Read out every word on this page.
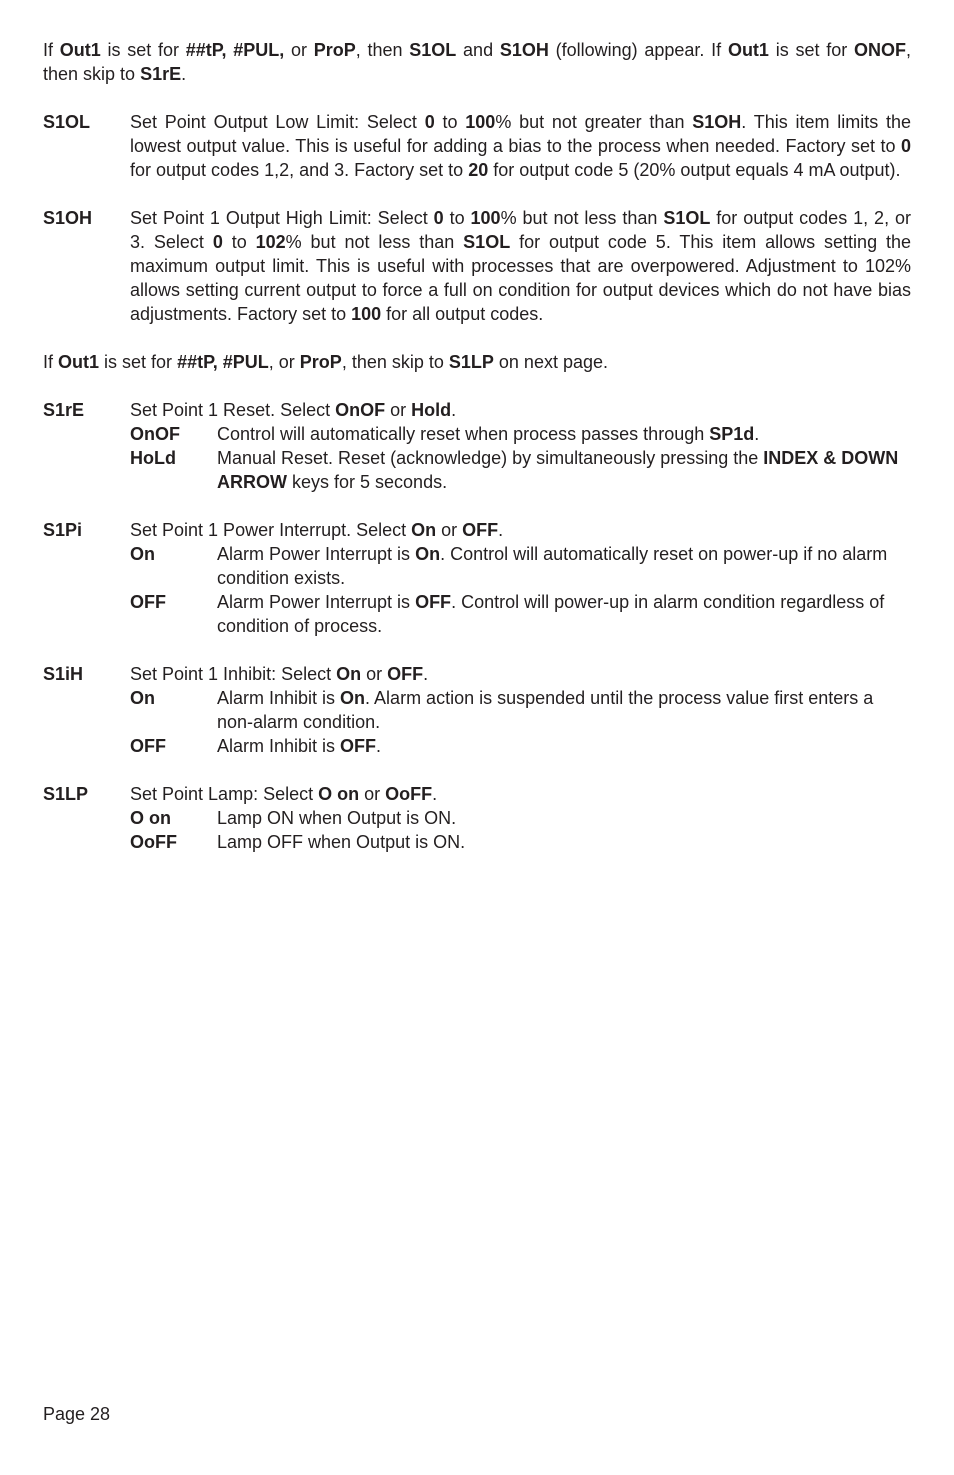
If Out1 is set for ##tP, #PUL, or ProP, then S1OL and S1OH (following) appear. If Out1 is set for ONOF, then skip to S1rE.

S1OL	Set Point Output Low Limit: Select 0 to 100% but not greater than S1OH. This item limits the lowest output value. This is useful for adding a bias to the process when needed. Factory set to 0 for output codes 1,2, and 3. Factory set to 20 for output code 5 (20% output equals 4 mA output).

S1OH	Set Point 1 Output High Limit: Select 0 to 100% but not less than S1OL for output codes 1, 2, or 3. Select 0 to 102% but not less than S1OL for output code 5. This item allows setting the maximum output limit. This is useful with processes that are overpowered. Adjustment to 102% allows setting current output to force a full on condition for output devices which do not have bias adjustments. Factory set to 100 for all output codes.

If Out1 is set for ##tP, #PUL, or ProP, then skip to S1LP on next page.

S1rE	Set Point 1 Reset. Select OnOF or Hold.

OnOF	Control will automatically reset when process passes through SP1d.
HoLd	Manual Reset. Reset (acknowledge) by simultaneously pressing the INDEX & DOWN ARROW keys for 5 seconds.
S1Pi	Set Point 1 Power Interrupt. Select On or OFF.

On	Alarm Power Interrupt is On. Control will automatically reset on power-up if no alarm condition exists.
OFF	Alarm Power Interrupt is OFF. Control will power-up in alarm condition regardless of condition of process.
S1iH	Set Point 1 Inhibit: Select On or OFF.

On	Alarm Inhibit is On. Alarm action is suspended until the process value first enters a non-alarm condition.
OFF	Alarm Inhibit is OFF.
S1LP	Set Point Lamp: Select O on or OoFF.

O on	Lamp ON when Output is ON.
OoFF	Lamp OFF when Output is ON.
Page 28
